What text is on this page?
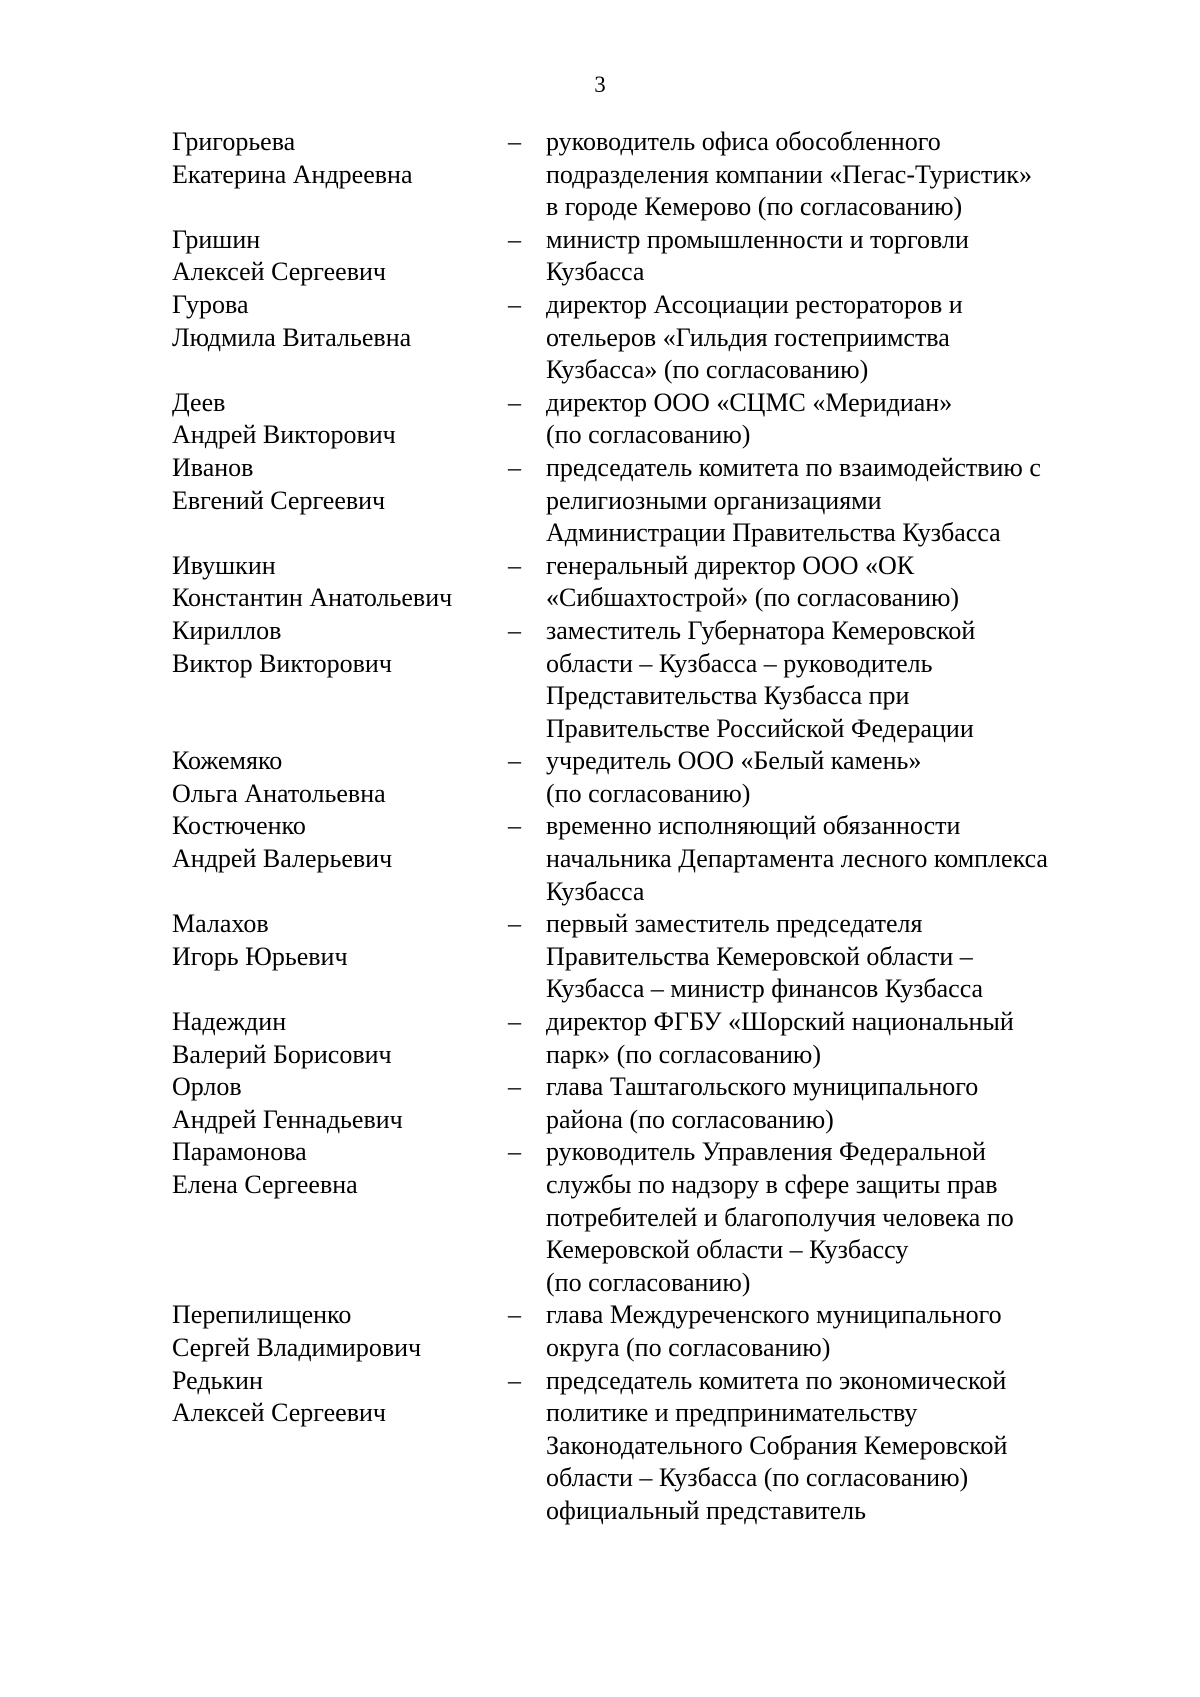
3
Григорьева
Екатерина Андреевна
– руководитель офиса обособленного
подразделения компании «Пегас-Туристик»
в городе Кемерово (по согласованию)
Гришин
Алексей Сергеевич
– министр промышленности и торговли
Кузбасса
Гурова
Людмила Витальевна
– директор Ассоциации рестораторов и
отельеров «Гильдия гостеприимства
Кузбасса» (по согласованию)
Деев
Андрей Викторович
– директор ООО «СЦМС «Меридиан»
(по согласованию)
Иванов
Евгений Сергеевич
– председатель комитета по взаимодействию с
религиозными организациями
Администрации Правительства Кузбасса
Ивушкин
Константин Анатольевич
– генеральный директор ООО «ОК
«Сибшахтострой» (по согласованию)
Кириллов
Виктор Викторович
– заместитель Губернатора Кемеровской
области – Кузбасса – руководитель
Представительства Кузбасса при
Правительстве Российской Федерации
Кожемяко
Ольга Анатольевна
– учредитель ООО «Белый камень»
(по согласованию)
Костюченко
Андрей Валерьевич
– временно исполняющий обязанности
начальника Департамента лесного комплекса
Кузбасса
Малахов
Игорь Юрьевич
– первый заместитель председателя
Правительства Кемеровской области –
Кузбасса – министр финансов Кузбасса
Надеждин
Валерий Борисович
– директор ФГБУ «Шорский национальный
парк» (по согласованию)
Орлов
Андрей Геннадьевич
– глава Таштагольского муниципального
района (по согласованию)
Парамонова
Елена Сергеевна
– руководитель Управления Федеральной
службы по надзору в сфере защиты прав
потребителей и благополучия человека по
Кемеровской области – Кузбассу
(по согласованию)
Перепилищенко
Сергей Владимирович
– глава Междуреченского муниципального
округа (по согласованию)
Редькин
Алексей Сергеевич
– председатель комитета по экономической
политике и предпринимательству
Законодательного Собрания Кемеровской
области – Кузбасса (по согласованию)
официальный представитель
